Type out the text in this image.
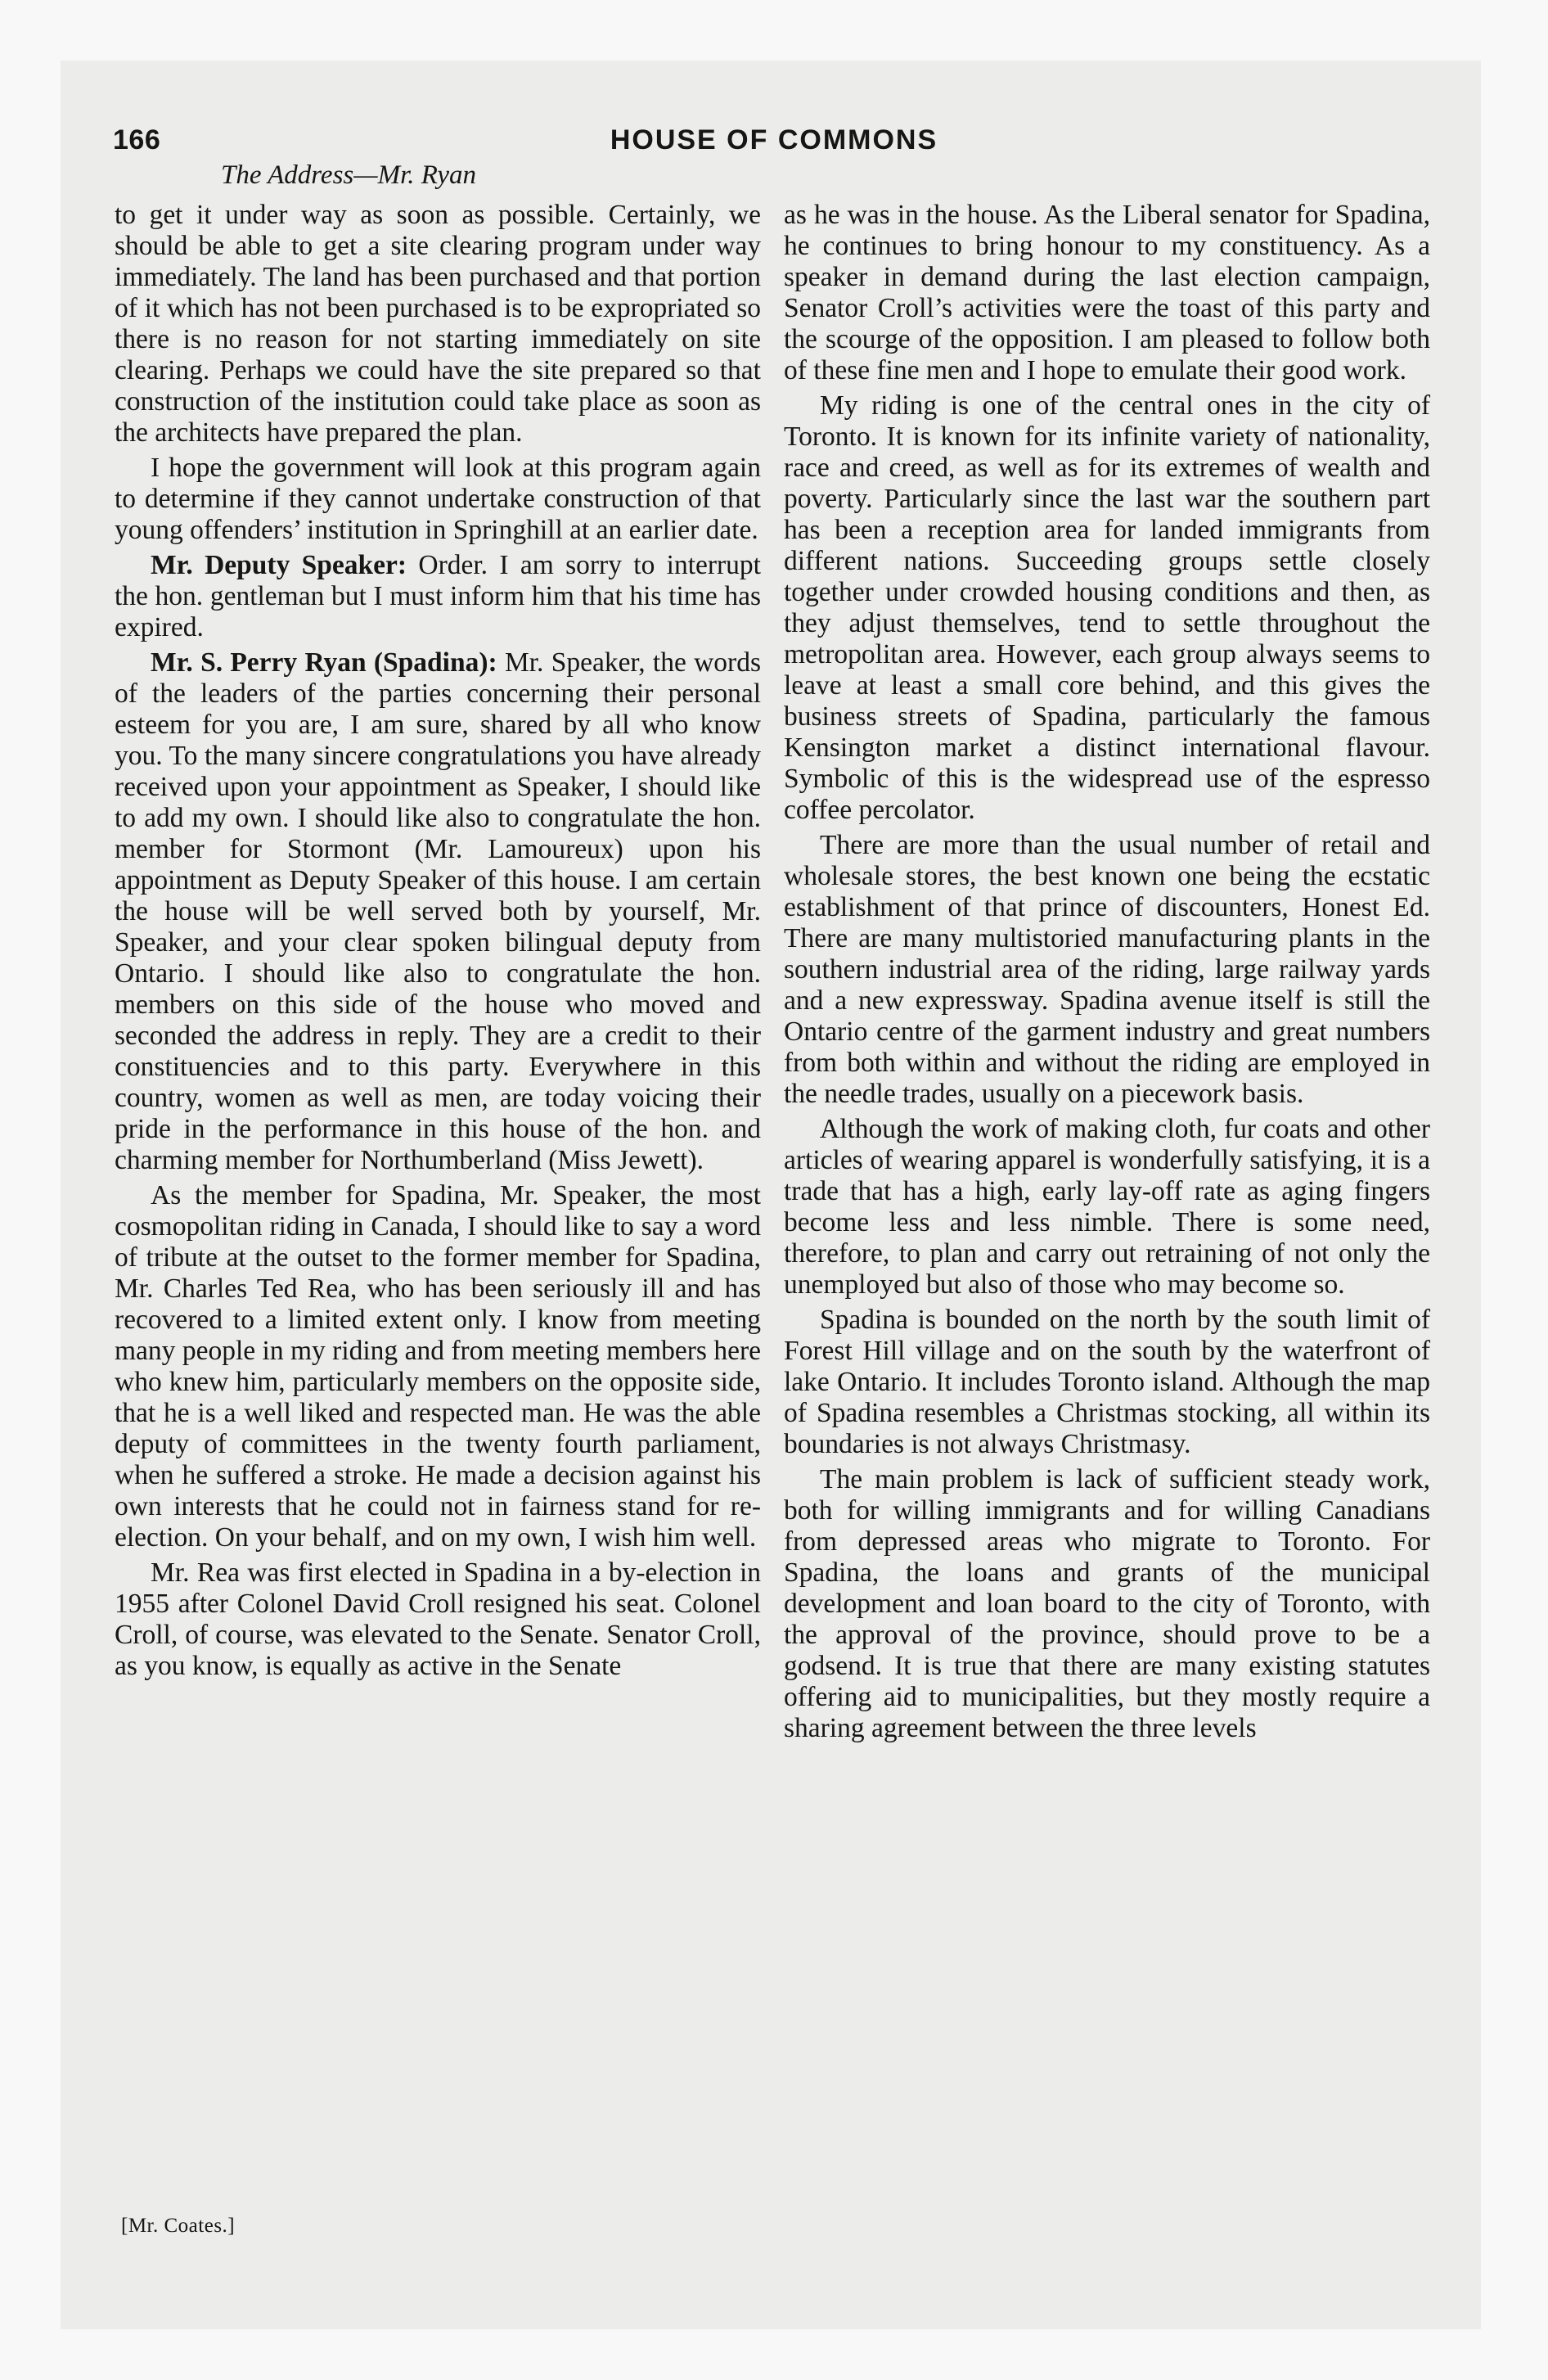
166	HOUSE OF COMMONS
The Address—Mr. Ryan

to get it under way as soon as possible. Certainly, we should be able to get a site clearing program under way immediately. The land has been purchased and that portion of it which has not been purchased is to be expropriated so there is no reason for not starting immediately on site clearing. Perhaps we could have the site prepared so that construction of the institution could take place as soon as the architects have prepared the plan.

I hope the government will look at this program again to determine if they cannot undertake construction of that young offenders’ institution in Springhill at an earlier date.

Mr. Deputy Speaker: Order. I am sorry to interrupt the hon. gentleman but I must inform him that his time has expired.

Mr. S. Perry Ryan (Spadina): Mr. Speaker, the words of the leaders of the parties concerning their personal esteem for you are, I am sure, shared by all who know you. To the many sincere congratulations you have already received upon your appointment as Speaker, I should like to add my own. I should like also to congratulate the hon. member for Stormont (Mr. Lamoureux) upon his appointment as Deputy Speaker of this house. I am certain the house will be well served both by yourself, Mr. Speaker, and your clear spoken bilingual deputy from Ontario. I should like also to congratulate the hon. members on this side of the house who moved and seconded the address in reply. They are a credit to their constituencies and to this party. Everywhere in this country, women as well as men, are today voicing their pride in the performance in this house of the hon. and charming member for Northumberland (Miss Jewett).

As the member for Spadina, Mr. Speaker, the most cosmopolitan riding in Canada, I should like to say a word of tribute at the outset to the former member for Spadina, Mr. Charles Ted Rea, who has been seriously ill and has recovered to a limited extent only. I know from meeting many people in my riding and from meeting members here who knew him, particularly members on the opposite side, that he is a well liked and respected man. He was the able deputy of committees in the twenty fourth parliament, when he suffered a stroke. He made a decision against his own interests that he could not in fairness stand for re-election. On your behalf, and on my own, I wish him well.

Mr. Rea was first elected in Spadina in a by-election in 1955 after Colonel David Croll resigned his seat. Colonel Croll, of course, was elevated to the Senate. Senator Croll, as you know, is equally as active in the Senate

as he was in the house. As the Liberal senator for Spadina, he continues to bring honour to my constituency. As a speaker in demand during the last election campaign, Senator Croll’s activities were the toast of this party and the scourge of the opposition. I am pleased to follow both of these fine men and I hope to emulate their good work.

My riding is one of the central ones in the city of Toronto. It is known for its infinite variety of nationality, race and creed, as well as for its extremes of wealth and poverty. Particularly since the last war the southern part has been a reception area for landed immigrants from different nations. Succeeding groups settle closely together under crowded housing conditions and then, as they adjust themselves, tend to settle throughout the metropolitan area. However, each group always seems to leave at least a small core behind, and this gives the business streets of Spadina, particularly the famous Kensington market a distinct international flavour. Symbolic of this is the widespread use of the espresso coffee percolator.

There are more than the usual number of retail and wholesale stores, the best known one being the ecstatic establishment of that prince of discounters, Honest Ed. There are many multistoried manufacturing plants in the southern industrial area of the riding, large railway yards and a new expressway. Spadina avenue itself is still the Ontario centre of the garment industry and great numbers from both within and without the riding are employed in the needle trades, usually on a piecework basis.

Although the work of making cloth, fur coats and other articles of wearing apparel is wonderfully satisfying, it is a trade that has a high, early lay-off rate as aging fingers become less and less nimble. There is some need, therefore, to plan and carry out retraining of not only the unemployed but also of those who may become so.

Spadina is bounded on the north by the south limit of Forest Hill village and on the south by the waterfront of lake Ontario. It includes Toronto island. Although the map of Spadina resembles a Christmas stocking, all within its boundaries is not always Christmasy.

The main problem is lack of sufficient steady work, both for willing immigrants and for willing Canadians from depressed areas who migrate to Toronto. For Spadina, the loans and grants of the municipal development and loan board to the city of Toronto, with the approval of the province, should prove to be a godsend. It is true that there are many existing statutes offering aid to municipalities, but they mostly require a sharing agreement between the three levels

[Mr. Coates.]
